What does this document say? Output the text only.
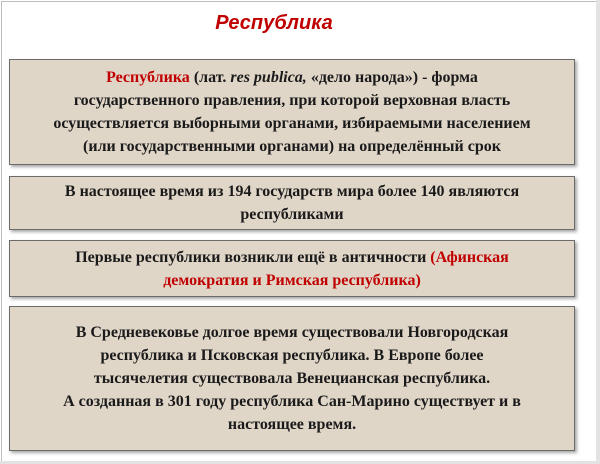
Республика

Республика (лат. res publica, «дело народа») - форма
государственного правления, при которой верховная власть
осуществляется выборными органами, избираемыми населением
(или государственными органами) на определённый срок

В настоящее время из 194 государств мира более 140 являются
республиками

Первые республики возникли ещё в античности (Афинская
демократия и Римская республика)

В Средневековье долгое время существовали Новгородская
республика и Псковская республика. В Европе более
тысячелетия существовала Венецианская республика.
А созданная в 301 году республика Сан-Марино существует и в
настоящее время.
